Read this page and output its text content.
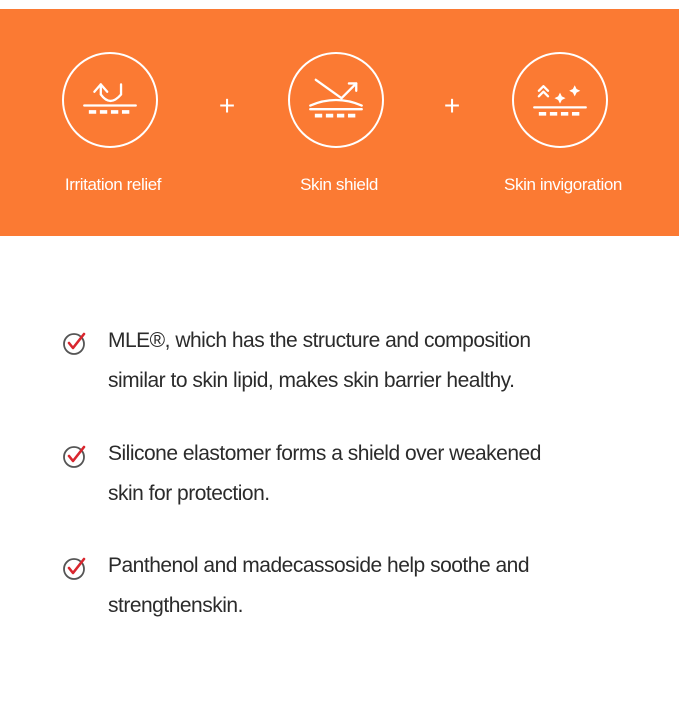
Irritation relief
+
Skin shield
+
Skin invigoration
MLE®, which has the structure and composition
similar to skin lipid, makes skin barrier healthy.
Silicone elastomer forms a shield over weakened
skin for protection.
Panthenol and madecassoside help soothe and
strengthenskin.
